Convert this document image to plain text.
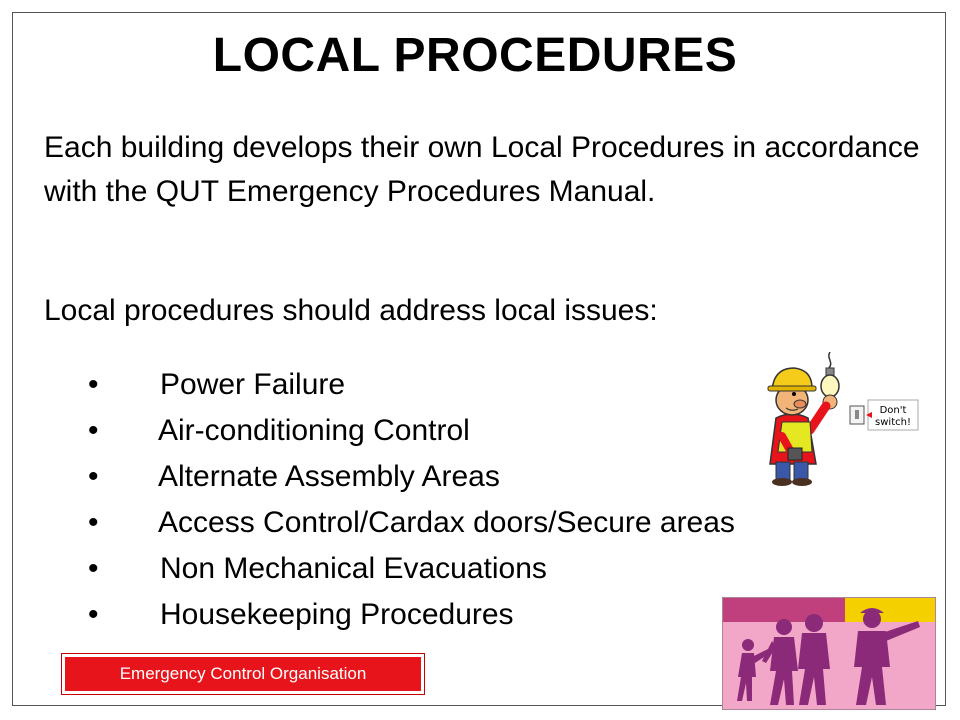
LOCAL PROCEDURES
Each building develops their own Local Procedures in accordance with the QUT Emergency Procedures Manual.
Local procedures should address local issues:
• Power Failure
• Air-conditioning Control
• Alternate Assembly Areas
• Access Control/Cardax doors/Secure areas
• Non Mechanical Evacuations
• Housekeeping Procedures
Don't
switch!
Emergency Control Organisation
